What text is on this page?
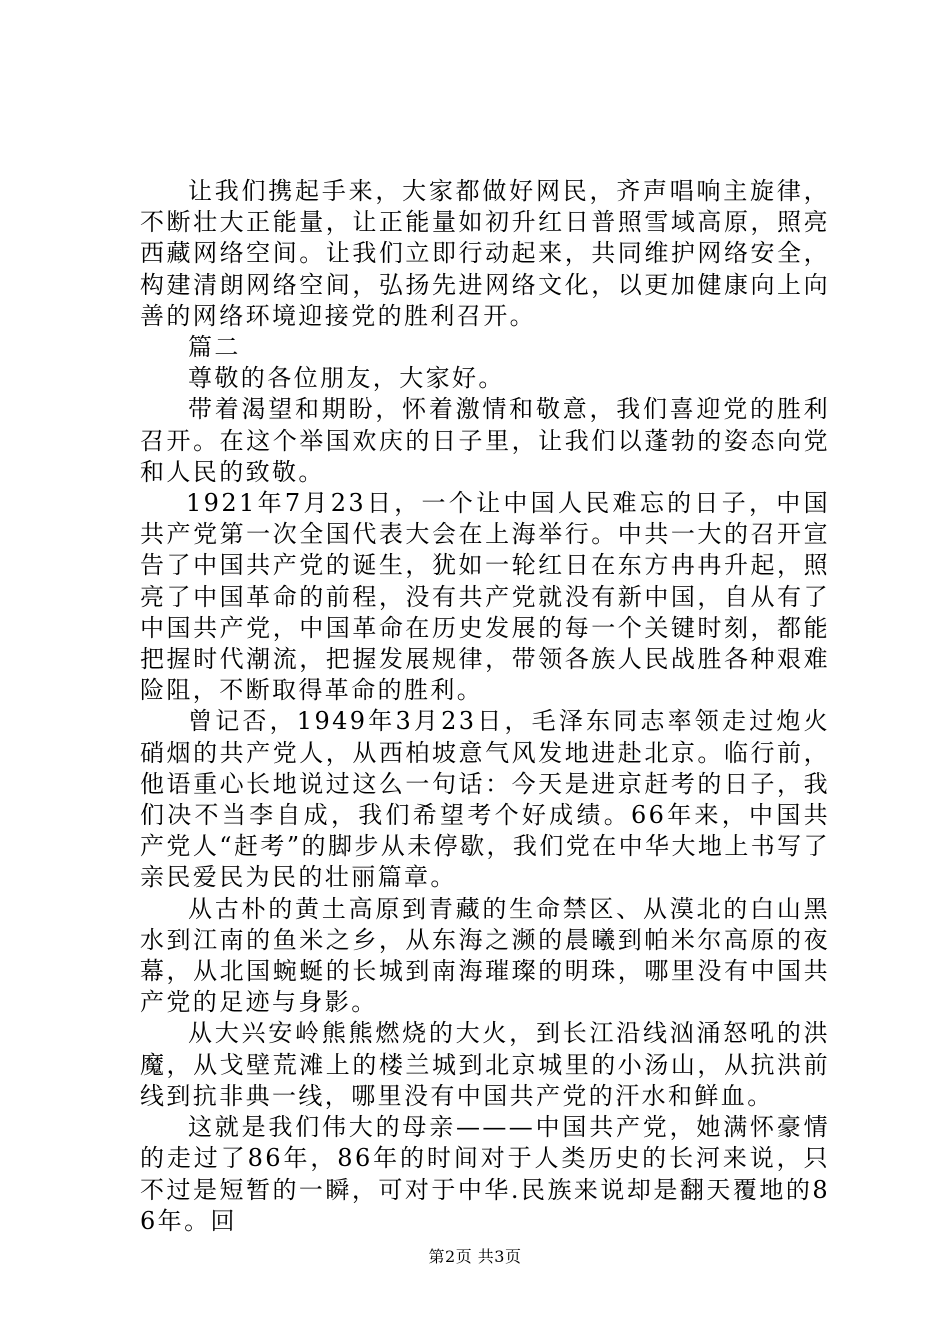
让我们携起手来，大家都做好网民，齐声唱响主旋律，不断壮大正能量，让正能量如初升红日普照雪域高原，照亮西藏网络空间。让我们立即行动起来，共同维护网络安全，构建清朗网络空间，弘扬先进网络文化，以更加健康向上向善的网络环境迎接党的胜利召开。

篇二

尊敬的各位朋友，大家好。

带着渴望和期盼，怀着激情和敬意，我们喜迎党的胜利召开。在这个举国欢庆的日子里，让我们以蓬勃的姿态向党和人民的致敬。

1921年7月23日，一个让中国人民难忘的日子，中国共产党第一次全国代表大会在上海举行。中共一大的召开宣告了中国共产党的诞生，犹如一轮红日在东方冉冉升起，照亮了中国革命的前程，没有共产党就没有新中国，自从有了中国共产党，中国革命在历史发展的每一个关键时刻，都能把握时代潮流，把握发展规律，带领各族人民战胜各种艰难险阻，不断取得革命的胜利。

曾记否，1949年3月23日，毛泽东同志率领走过炮火硝烟的共产党人，从西柏坡意气风发地进赴北京。临行前，他语重心长地说过这么一句话：今天是进京赶考的日子，我们决不当李自成，我们希望考个好成绩。66年来，中国共产党人“赶考”的脚步从未停歇，我们党在中华大地上书写了亲民爱民为民的壮丽篇章。

从古朴的黄土高原到青藏的生命禁区、从漠北的白山黑水到江南的鱼米之乡，从东海之濒的晨曦到帕米尔高原的夜幕，从北国蜿蜒的长城到南海璀璨的明珠，哪里没有中国共产党的足迹与身影。

从大兴安岭熊熊燃烧的大火，到长江沿线汹涌怒吼的洪魔，从戈壁荒滩上的楼兰城到北京城里的小汤山，从抗洪前线到抗非典一线，哪里没有中国共产党的汗水和鲜血。

这就是我们伟大的母亲———中国共产党，她满怀豪情的走过了86年，86年的时间对于人类历史的长河来说，只不过是短暂的一瞬，可对于中华.民族来说却是翻天覆地的86年。回

第2页 共3页
